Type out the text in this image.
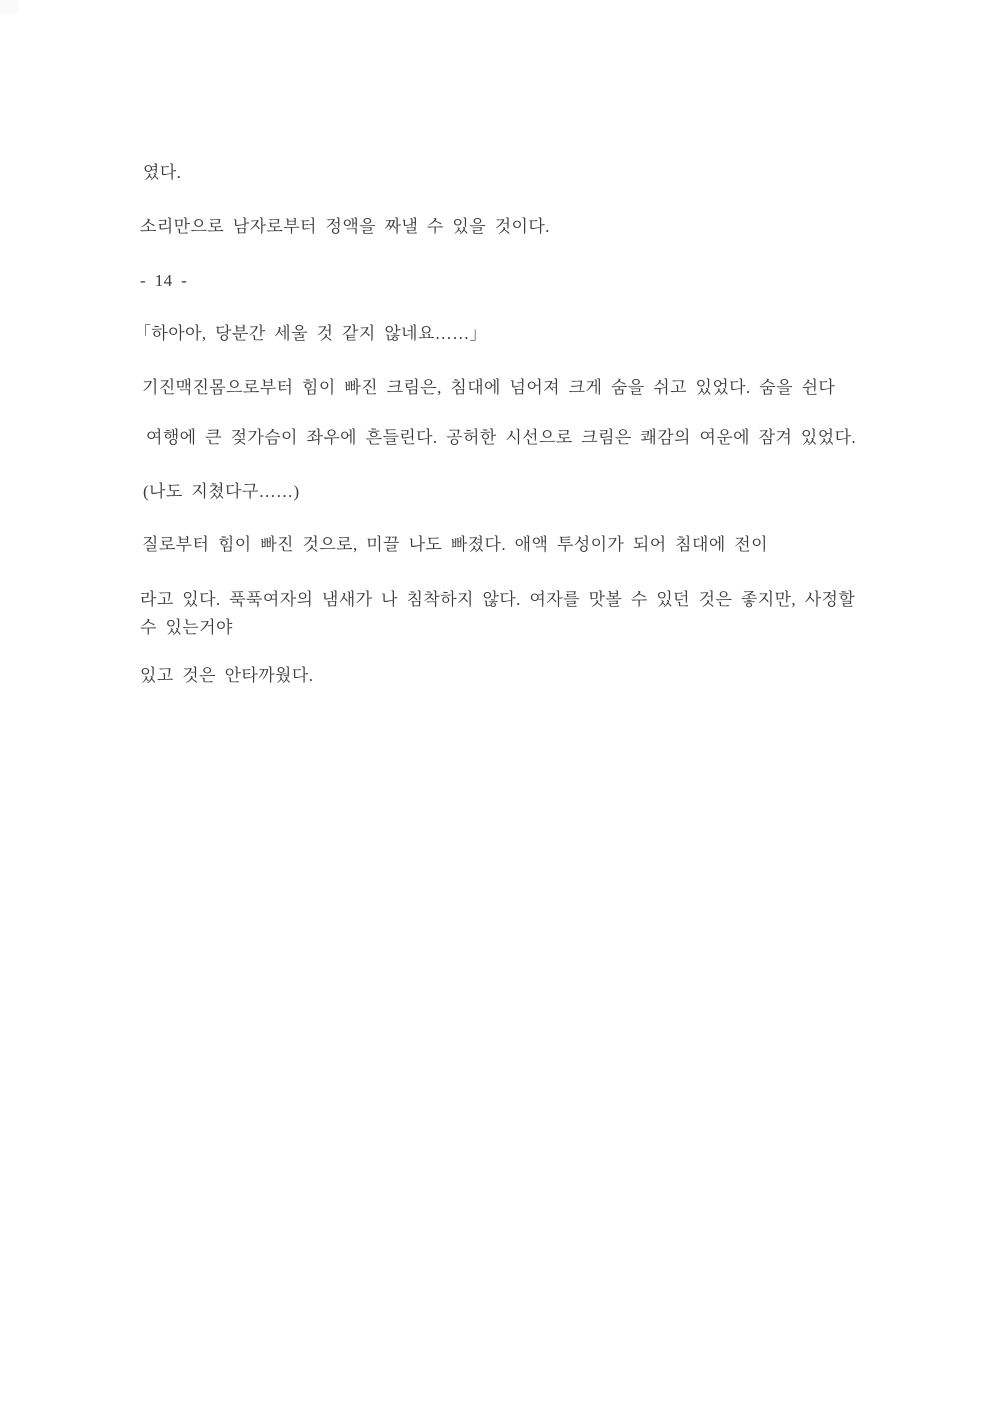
였다.

소리만으로 남자로부터 정액을 짜낼 수 있을 것이다.

- 14 -

「하아아, 당분간 세울 것 같지 않네요……」

기진맥진몸으로부터 힘이 빠진 크림은, 침대에 넘어져 크게 숨을 쉬고 있었다. 숨을 쉰다

여행에 큰 젖가슴이 좌우에 흔들린다. 공허한 시선으로 크림은 쾌감의 여운에 잠겨 있었다.

(나도 지쳤다구……)

질로부터 힘이 빠진 것으로, 미끌 나도 빠졌다. 애액 투성이가 되어 침대에 전이

라고 있다. 푹푹여자의 냄새가 나 침착하지 않다. 여자를 맛볼 수 있던 것은 좋지만, 사정할

수 있는거야

있고 것은 안타까웠다.
